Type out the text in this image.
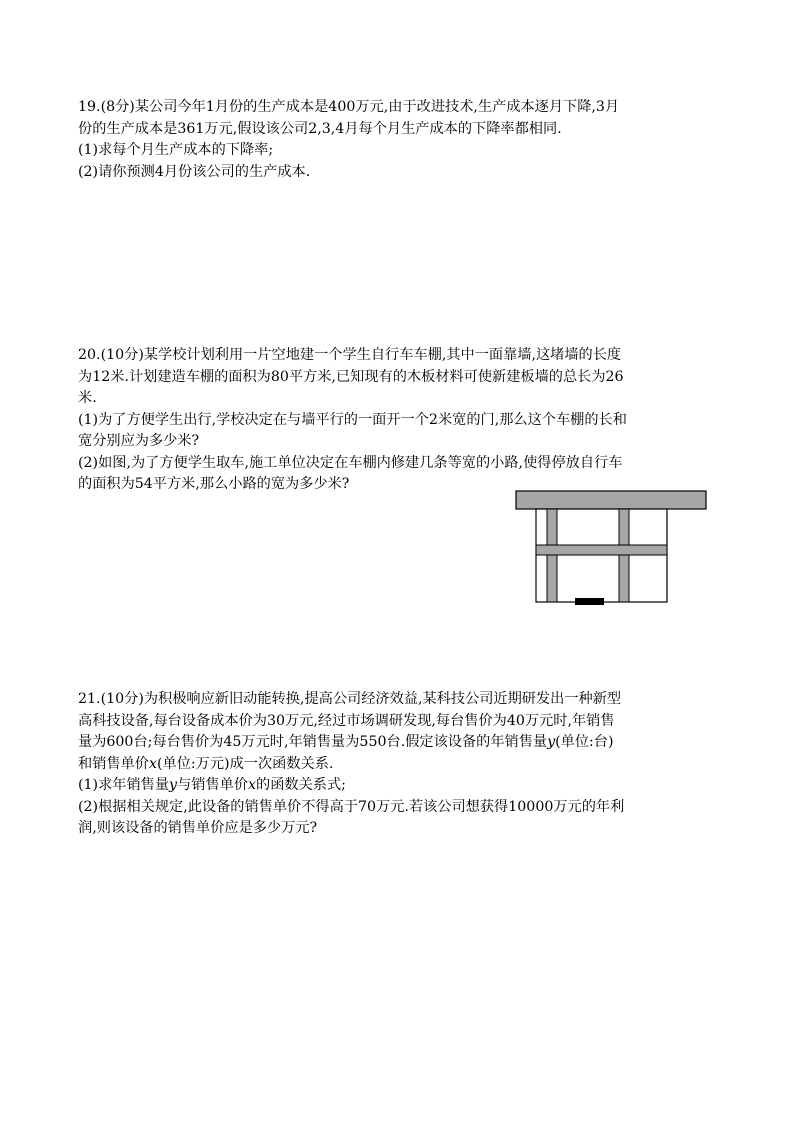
19.(8分)某公司今年1月份的生产成本是400万元,由于改进技术,生产成本逐月下降,3月
份的生产成本是361万元,假设该公司2,3,4月每个月生产成本的下降率都相同.
(1)求每个月生产成本的下降率;
(2)请你预测4月份该公司的生产成本.
20.(10分)某学校计划利用一片空地建一个学生自行车车棚,其中一面靠墙,这堵墙的长度
为12米.计划建造车棚的面积为80平方米,已知现有的木板材料可使新建板墙的总长为26
米.
(1)为了方便学生出行,学校决定在与墙平行的一面开一个2米宽的门,那么这个车棚的长和
宽分别应为多少米?
(2)如图,为了方便学生取车,施工单位决定在车棚内修建几条等宽的小路,使得停放自行车
的面积为54平方米,那么小路的宽为多少米?
21.(10分)为积极响应新旧动能转换,提高公司经济效益,某科技公司近期研发出一种新型
高科技设备,每台设备成本价为30万元,经过市场调研发现,每台售价为40万元时,年销售
量为600台;每台售价为45万元时,年销售量为550台.假定该设备的年销售量y(单位:台)
和销售单价x(单位:万元)成一次函数关系.
(1)求年销售量y与销售单价x的函数关系式;
(2)根据相关规定,此设备的销售单价不得高于70万元.若该公司想获得10000万元的年利
润,则该设备的销售单价应是多少万元?
